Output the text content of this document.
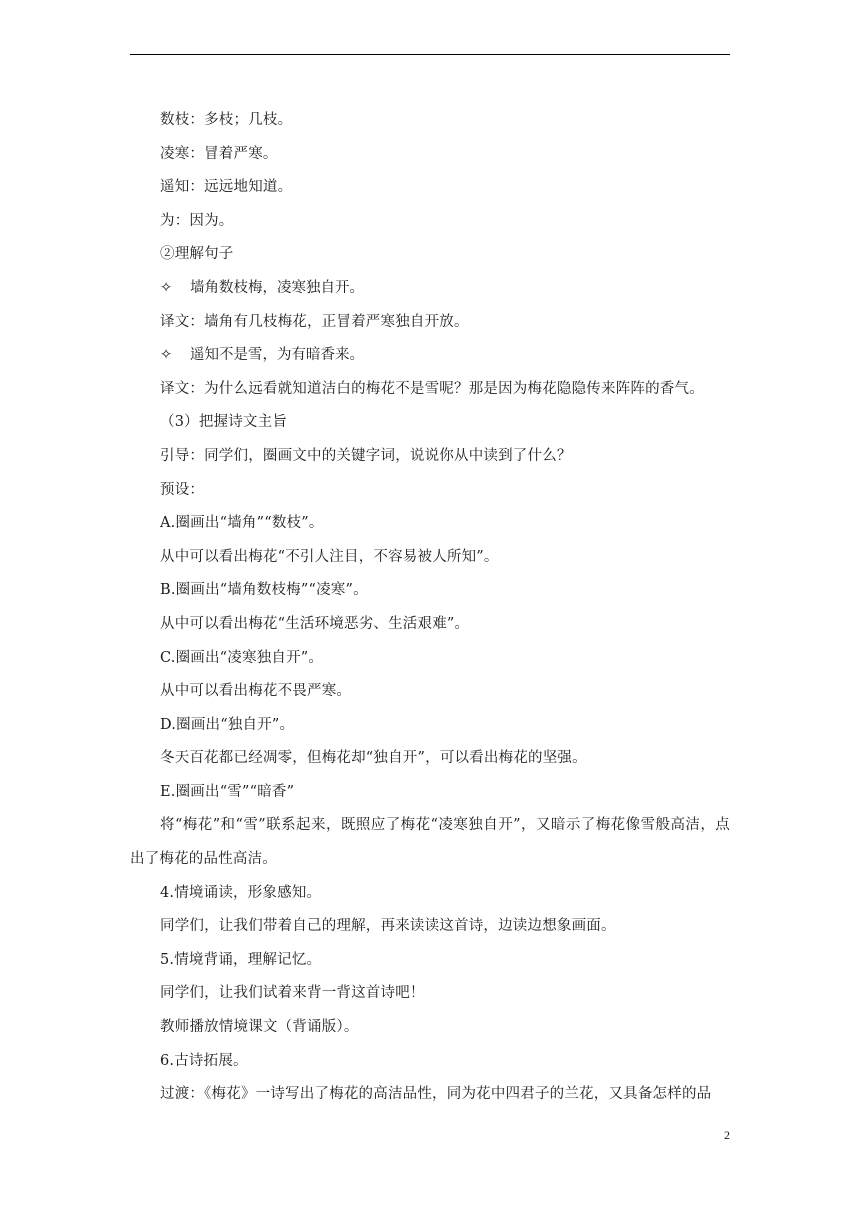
数枝：多枝；几枝。
凌寒：冒着严寒。
遥知：远远地知道。
为：因为。
②理解句子
✧ 墙角数枝梅，凌寒独自开。
译文：墙角有几枝梅花，正冒着严寒独自开放。
✧ 遥知不是雪，为有暗香来。
译文：为什么远看就知道洁白的梅花不是雪呢？那是因为梅花隐隐传来阵阵的香气。
（3）把握诗文主旨
引导：同学们，圈画文中的关键字词，说说你从中读到了什么？
预设：
A.圈画出“墙角”“数枝”。
从中可以看出梅花“不引人注目，不容易被人所知”。
B.圈画出“墙角数枝梅”“凌寒”。
从中可以看出梅花“生活环境恶劣、生活艰难”。
C.圈画出“凌寒独自开”。
从中可以看出梅花不畏严寒。
D.圈画出“独自开”。
冬天百花都已经凋零，但梅花却“独自开”，可以看出梅花的坚强。
E.圈画出“雪”“暗香”
将“梅花”和“雪”联系起来，既照应了梅花“凌寒独自开”，又暗示了梅花像雪般高洁，点出了梅花的品性高洁。
4.情境诵读，形象感知。
同学们，让我们带着自己的理解，再来读读这首诗，边读边想象画面。
5.情境背诵，理解记忆。
同学们，让我们试着来背一背这首诗吧！
教师播放情境课文（背诵版）。
6.古诗拓展。
过渡：《梅花》一诗写出了梅花的高洁品性，同为花中四君子的兰花，又具备怎样的品
2
